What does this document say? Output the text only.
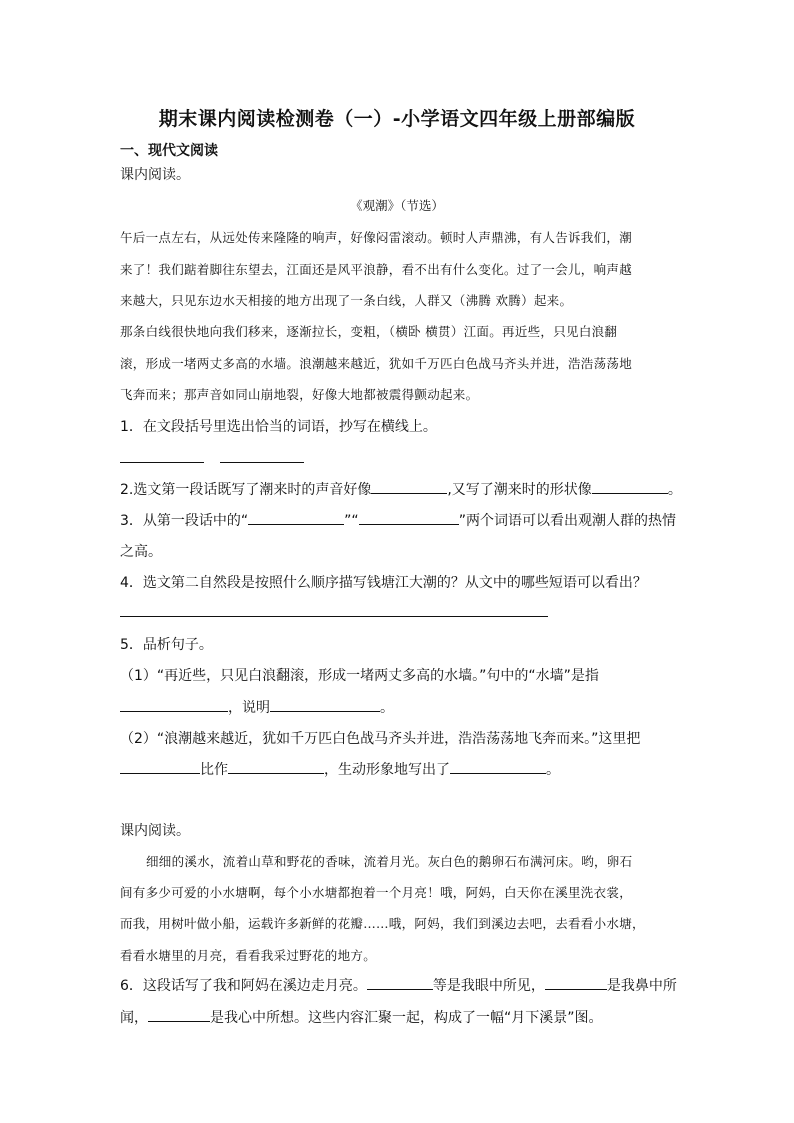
期末课内阅读检测卷（一）-小学语文四年级上册部编版
一、现代文阅读
课内阅读。
《观潮》（节选）
午后一点左右，从远处传来隆隆的响声，好像闷雷滚动。顿时人声鼎沸，有人告诉我们，潮
来了！我们踮着脚往东望去，江面还是风平浪静，看不出有什么变化。过了一会儿，响声越
来越大，只见东边水天相接的地方出现了一条白线，人群又（沸腾 欢腾）起来。
那条白线很快地向我们移来，逐渐拉长，变粗，（横卧 横贯）江面。再近些，只见白浪翻
滚，形成一堵两丈多高的水墙。浪潮越来越近，犹如千万匹白色战马齐头并进，浩浩荡荡地
飞奔而来；那声音如同山崩地裂，好像大地都被震得颤动起来。
1．在文段括号里选出恰当的词语，抄写在横线上。
2.选文第一段话既写了潮来时的声音好像	,又写了潮来时的形状像	。
3．从第一段话中的“	”“	”两个词语可以看出观潮人群的热情
之高。
4．选文第二自然段是按照什么顺序描写钱塘江大潮的？从文中的哪些短语可以看出？
5．品析句子。
（1）“再近些，只见白浪翻滚，形成一堵两丈多高的水墙。”句中的“水墙”是指
，说明	。
（2）“浪潮越来越近，犹如千万匹白色战马齐头并进，浩浩荡荡地飞奔而来。”这里把
比作	，生动形象地写出了	。
课内阅读。
细细的溪水，流着山草和野花的香味，流着月光。灰白色的鹅卵石布满河床。哟，卵石
间有多少可爱的小水塘啊，每个小水塘都抱着一个月亮！哦，阿妈，白天你在溪里洗衣裳，
而我，用树叶做小船，运载许多新鲜的花瓣……哦，阿妈，我们到溪边去吧，去看看小水塘，
看看水塘里的月亮，看看我采过野花的地方。
6．这段话写了我和阿妈在溪边走月亮。	等是我眼中所见，	是我鼻中所
闻，	是我心中所想。这些内容汇聚一起，构成了一幅“月下溪景”图。
